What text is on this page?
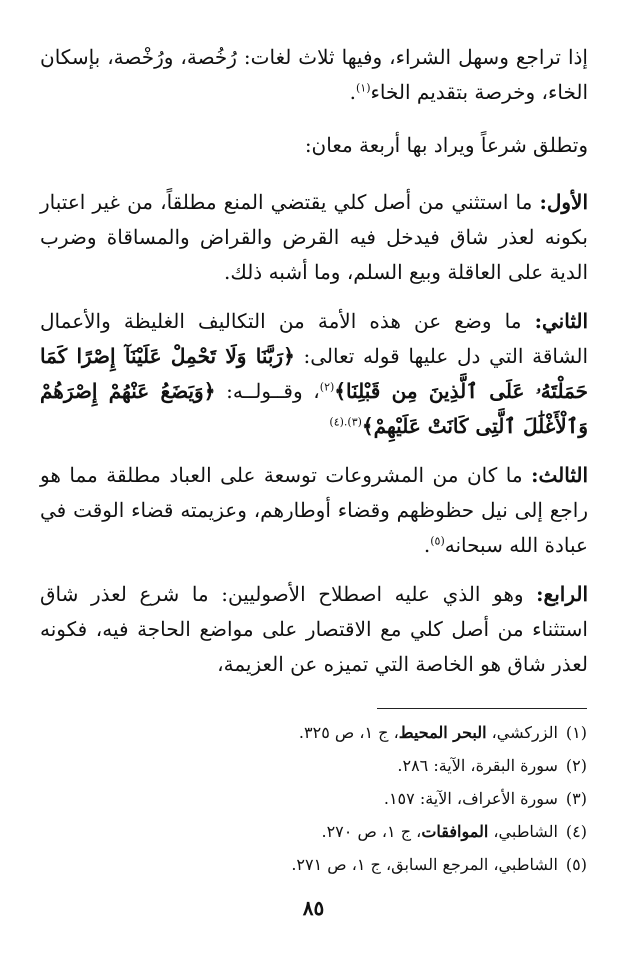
إذا تراجع وسهل الشراء، وفيها ثلاث لغات: رُخُصة، ورُخْصة، بإسكان الخاء، وخرصة بتقديم الخاء$^{(١)}$.

وتطلق شرعاً ويراد بها أربعة معان:

الأول: ما استثني من أصل كلي يقتضي المنع مطلقاً، من غير اعتبار بكونه لعذر شاق فيدخل فيه القرض والقراض والمساقاة وضرب الدية على العاقلة وبيع السلم، وما أشبه ذلك.

الثاني: ما وضع عن هذه الأمة من التكاليف الغليظة والأعمال الشاقة التي دل عليها قوله تعالى: ﴿رَبَّنَا وَلَا تَحْمِلْ عَلَيْنَآ إِصْرًا كَمَا حَمَلْتَهُۥ عَلَى ٱلَّذِينَ مِن قَبْلِنَا﴾$^{(٢)}$، وقــولــه: ﴿وَيَضَعُ عَنْهُمْ إِصْرَهُمْ وَٱلْأَغْلَٰلَ ٱلَّتِى كَانَتْ عَلَيْهِمْ﴾$^{(٣).(٤)}$

الثالث: ما كان من المشروعات توسعة على العباد مطلقة مما هو راجع إلى نيل حظوظهم وقضاء أوطارهم، وعزيمته قضاء الوقت في عبادة الله سبحانه$^{(٥)}$.

الرابع: وهو الذي عليه اصطلاح الأصوليين: ما شرع لعذر شاق استثناء من أصل كلي مع الاقتصار على مواضع الحاجة فيه، فكونه لعذر شاق هو الخاصة التي تميزه عن العزيمة،

(١)الزركشي، البحر المحيط، ج ١، ص ٣٢٥.
(٢)سورة البقرة، الآية: ٢٨٦.
(٣)سورة الأعراف، الآية: ١٥٧.
(٤)الشاطبي، الموافقات، ج ١، ص ٢٧٠.
(٥)الشاطبي، المرجع السابق، ج ١، ص ٢٧١.
٨٥
